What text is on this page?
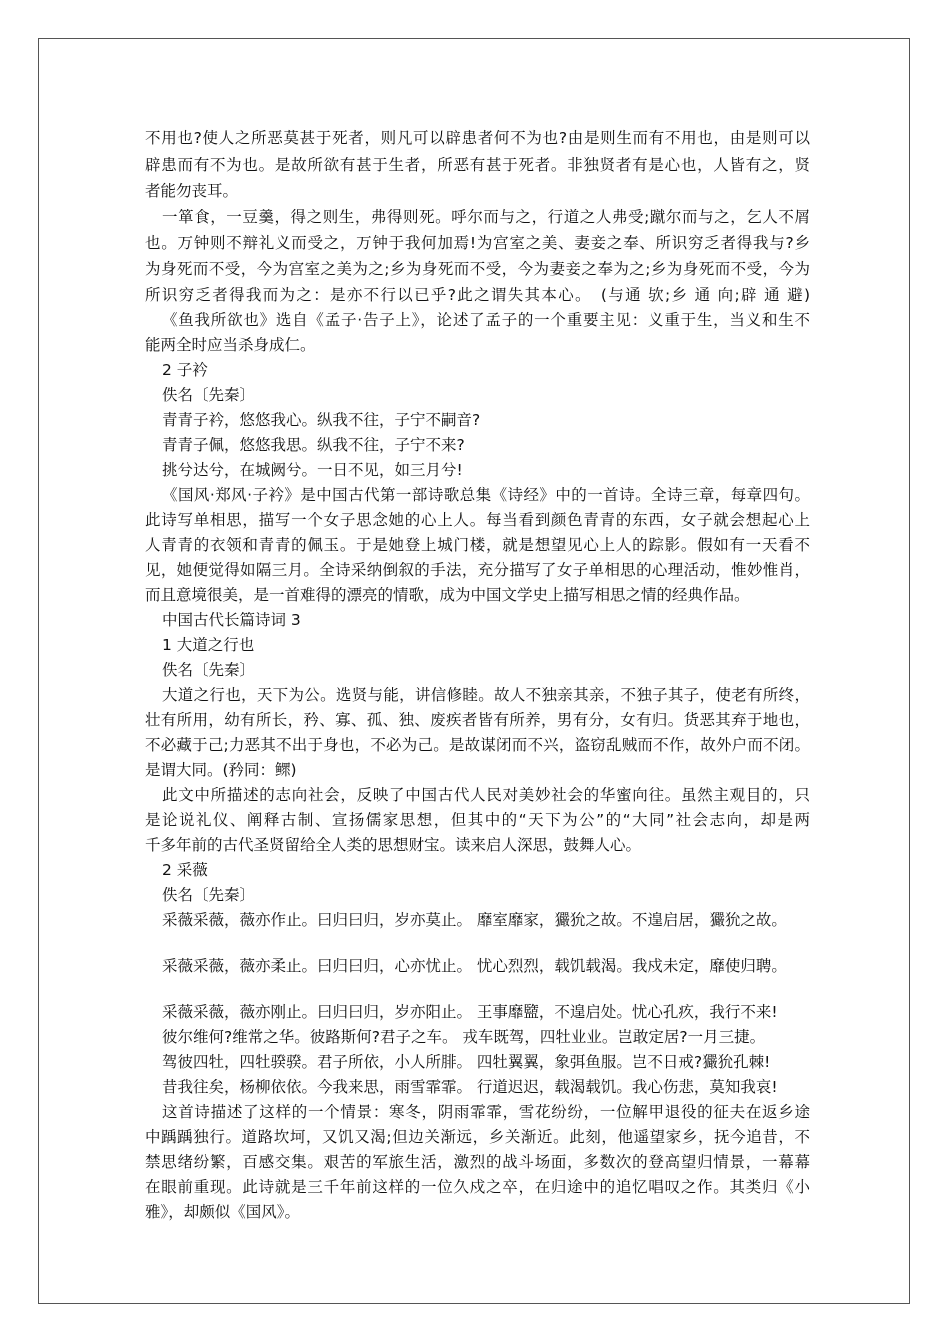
不用也?使人之所恶莫甚于死者，则凡可以辟患者何不为也?由是则生而有不用也，由是则可以
辟患而有不为也。是故所欲有甚于生者，所恶有甚于死者。非独贤者有是心也，人皆有之，贤
者能勿丧耳。
一箪食，一豆羹，得之则生，弗得则死。呼尔而与之，行道之人弗受;蹴尔而与之，乞人不屑
也。万钟则不辩礼义而受之，万钟于我何加焉!为宫室之美、妻妾之奉、所识穷乏者得我与?乡
为身死而不受，今为宫室之美为之;乡为身死而不受，今为妻妾之奉为之;乡为身死而不受，今为
所识穷乏者得我而为之：是亦不行以已乎?此之谓失其本心。　(与通 欤;乡 通 向;辟 通 避)
《鱼我所欲也》选自《孟子·告子上》，论述了孟子的一个重要主见：义重于生，当义和生不
能两全时应当杀身成仁。
2 子衿
佚名〔先秦〕
青青子衿，悠悠我心。纵我不往，子宁不嗣音?
青青子佩，悠悠我思。纵我不往，子宁不来?
挑兮达兮，在城阙兮。一日不见，如三月兮!
《国风·郑风·子衿》是中国古代第一部诗歌总集《诗经》中的一首诗。全诗三章，每章四句。
此诗写单相思，描写一个女子思念她的心上人。每当看到颜色青青的东西，女子就会想起心上
人青青的衣领和青青的佩玉。于是她登上城门楼，就是想望见心上人的踪影。假如有一天看不
见，她便觉得如隔三月。全诗采纳倒叙的手法，充分描写了女子单相思的心理活动，惟妙惟肖，
而且意境很美，是一首难得的漂亮的情歌，成为中国文学史上描写相思之情的经典作品。
中国古代长篇诗词 3
1 大道之行也
佚名〔先秦〕
大道之行也，天下为公。选贤与能，讲信修睦。故人不独亲其亲，不独子其子，使老有所终，
壮有所用，幼有所长，矜、寡、孤、独、废疾者皆有所养，男有分，女有归。货恶其弃于地也，
不必藏于己;力恶其不出于身也，不必为己。是故谋闭而不兴，盗窃乱贼而不作，故外户而不闭。
是谓大同。(矜同：鳏)
此文中所描述的志向社会，反映了中国古代人民对美妙社会的华蜜向往。虽然主观目的，只
是论说礼仪、阐释古制、宣扬儒家思想，但其中的“天下为公”的“大同”社会志向，却是两
千多年前的古代圣贤留给全人类的思想财宝。读来启人深思，鼓舞人心。
2 采薇
佚名〔先秦〕
采薇采薇，薇亦作止。曰归曰归，岁亦莫止。 靡室靡家，玁狁之故。不遑启居，玁狁之故。
采薇采薇，薇亦柔止。曰归曰归，心亦忧止。 忧心烈烈，载饥载渴。我戍未定，靡使归聘。
采薇采薇，薇亦刚止。曰归曰归，岁亦阳止。 王事靡盬，不遑启处。忧心孔疚，我行不来!
彼尔维何?维常之华。彼路斯何?君子之车。 戎车既驾，四牡业业。岂敢定居?一月三捷。
驾彼四牡，四牡骙骙。君子所依，小人所腓。 四牡翼翼，象弭鱼服。岂不日戒?玁狁孔棘!
昔我往矣，杨柳依依。今我来思，雨雪霏霏。 行道迟迟，载渴载饥。我心伤悲，莫知我哀!
这首诗描述了这样的一个情景：寒冬，阴雨霏霏，雪花纷纷，一位解甲退役的征夫在返乡途
中踽踽独行。道路坎坷，又饥又渴;但边关渐远，乡关渐近。此刻，他遥望家乡，抚今追昔，不
禁思绪纷繁，百感交集。艰苦的军旅生活，激烈的战斗场面，多数次的登高望归情景，一幕幕
在眼前重现。此诗就是三千年前这样的一位久戍之卒，在归途中的追忆唱叹之作。其类归《小
雅》，却颇似《国风》。
